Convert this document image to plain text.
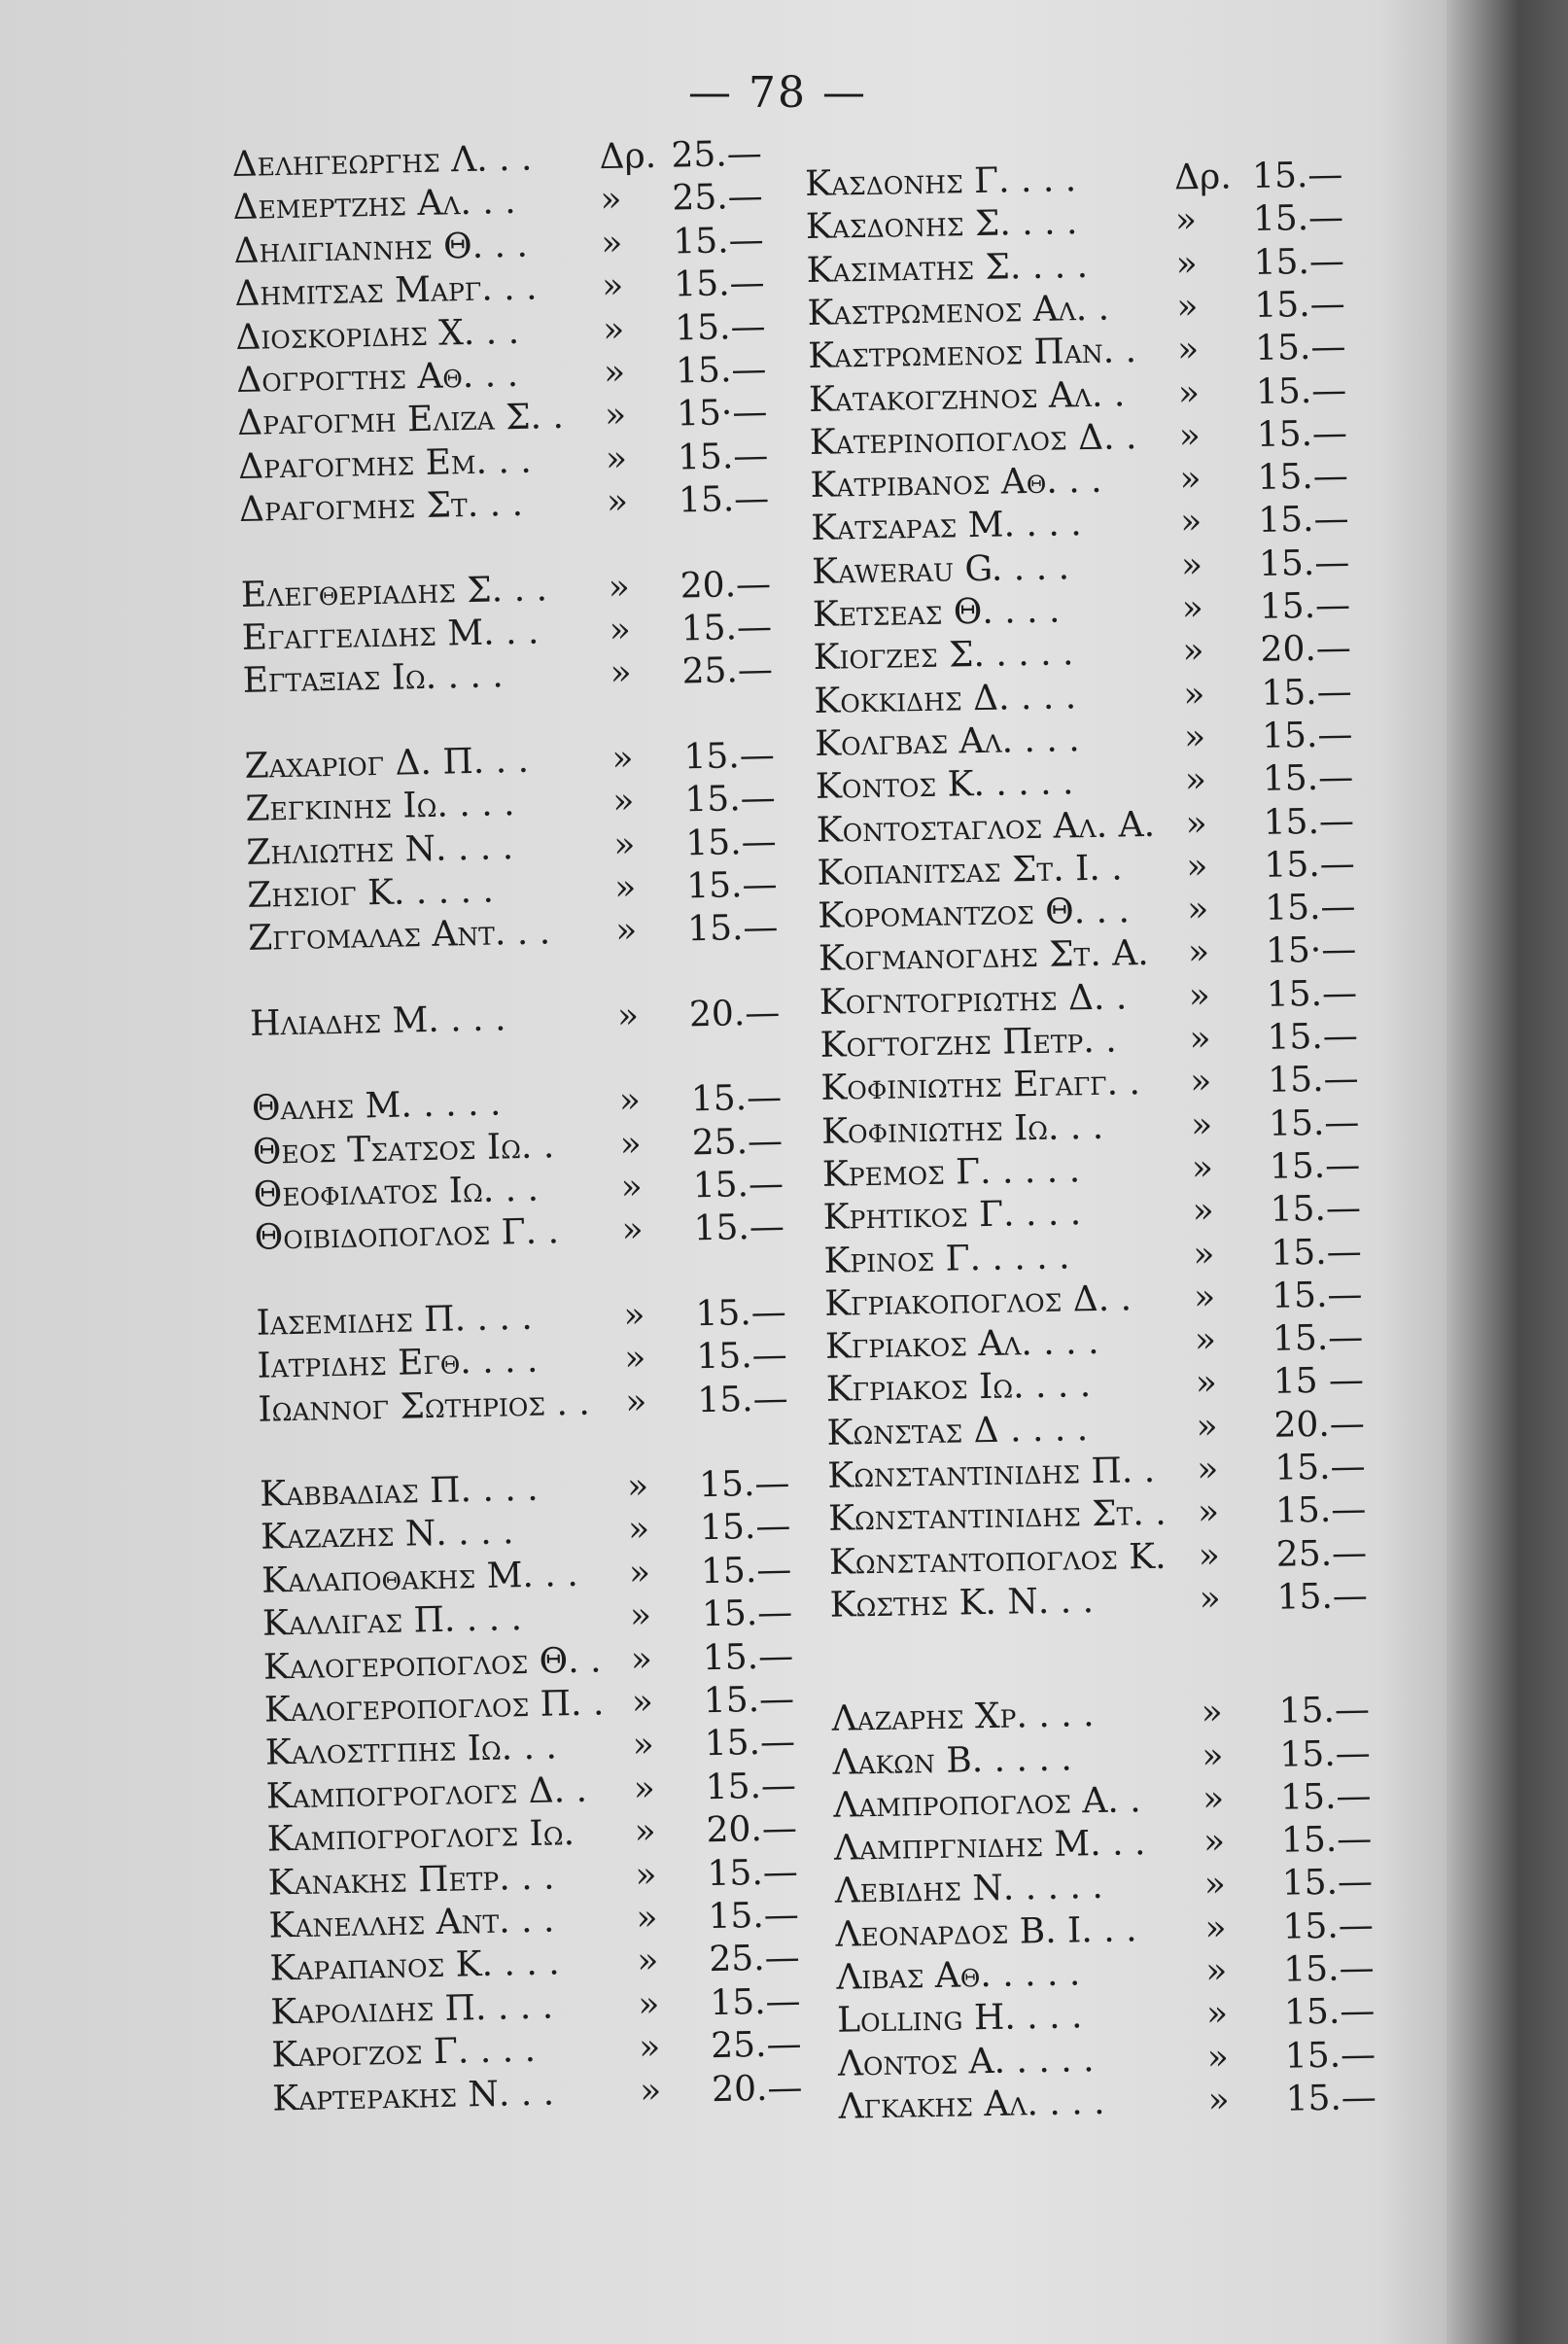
— 78 —
Δεληγεωργης Λ. . . Δρ. 25.—
Δεμερτζης Αλ. . . » 25.—
Δηλιγιαννης Θ. . . » 15.—
Δημιτσας Μαργ. . . » 15.—
Διοσκοριδης Χ. . . » 15.—
Δογρογτης Αθ. . . » 15.—
Δραγογμη Ελιζα Σ. . » 15·—
Δραγογμης Εμ. . . » 15.—
Δραγογμης Στ. . . » 15.—
Ελεγθεριαδης Σ. . . » 20.—
Εγαγγελιδης Μ. . . » 15.—
Εγταξιας Ιω. . . .	» 25.—
Ζαχαριογ Δ. Π. . . » 15.—
Ζεγκινης Ιω. . . .	» 15.—
Ζηλιωτης Ν. . . .	» 15.—
Ζησιογ Κ. . . . .	» 15.—
Ζγγομαλας Αντ. . . » 15.—
Ηλιαδης Μ. . . .	» 20.—
Θαλης Μ. . . . .	» 15.—
Θεος Τσατσος Ιω. . » 25.—
Θεοφιλατος Ιω. . . » 15.—
Θοιβιδοπογλος Γ. . » 15.—
Ιασεμιδης Π. . . .	» 15.—
Ιατριδης Εγθ. . . . » 15.—
Ιωαννογ Σωτηριος . . » 15.—
Καββαδιας Π. . . .	» 15.—
Καζαζης Ν. . . .	» 15.—
Καλαποθακης Μ. . . » 15.—
Καλλιγας Π. . . .	» 15.—
Καλογεροπογλος Θ. . » 15.—
Καλογεροπογλος Π. . » 15.—
Καλοστγπης Ιω. . . » 15.—
Καμπογρογλογς Δ. . » 15.—
Καμπογρογλογς Ιω. » 20.—
Κανακης Πετρ. . . » 15.—
Κανελλης Αντ. . . » 15.—
Καραπανος Κ. . . . » 25.—
Καρολιδης Π. . . . » 15.—
Καρογζος Γ. . . .	» 25.—
Καρτερακης Ν. . . » 20.—
Κασδονης Γ. . . .	Δρ. 15.—
Κασδονης Σ. . . .	» 15.—
Κασιματης Σ. . . . » 15.—
Καστρωμενος Αλ. . » 15.—
Καστρωμενος Παν. . » 15.—
Κατακογζηνος Αλ. . » 15.—
Κατερινοπογλος Δ. . » 15.—
Κατριβανος Αθ. . . » 15.—
Κατσαρας Μ. . . .	» 15.—
Kawerau G. . . .	» 15.—
Κετσεας Θ. . . .	» 15.—
Κιογζες Σ. . . . .	» 20.—
Κοκκιδης Δ. . . .	» 15.—
Κολγβας Αλ. . . .	» 15.—
Κοντος Κ. . . . .	» 15.—
Κοντοσταγλος Αλ. Α. » 15.—
Κοπανιτσας Στ. Ι. . » 15.—
Κορομαντζος Θ. . . » 15.—
Κογμανογδης Στ. Α. » 15·—
Κογντογριωτης Δ. . » 15.—
Κογτογζης Πετρ. . » 15.—
Κοφινιωτης Εγαγγ. . » 15.—
Κοφινιωτης Ιω. . . » 15.—
Κρεμος Γ. . . . .	» 15.—
Κρητικος Γ. . . .	» 15.—
Κρινος Γ. . . . .	» 15.—
Κγριακοπογλος Δ. . » 15.—
Κγριακος Αλ. . . .	» 15.—
Κγριακος Ιω. . . .	» 15 —
Κωνστας Δ . . . .	» 20.—
Κωνσταντινιδης Π. . » 15.—
Κωνσταντινιδης Στ. . » 15.—
Κωνσταντοπογλος Κ. » 25.—
Κωστης Κ. Ν. . .	» 15.—
Λαζαρης Χρ. . . .	» 15.—
Λακων Β. . . . .	» 15.—
Λαμπροπογλος Α. . » 15.—
Λαμπργνιδης Μ. . . » 15.—
Λεβιδης Ν. . . . .	» 15.—
Λεοναρδος Β. Ι. . . » 15.—
Λιβας Αθ. . . . .	» 15.—
Lolling H. . . .	» 15.—
Λοντος Α. . . . .	» 15.—
Λγκακης Αλ. . . .	» 15.—
